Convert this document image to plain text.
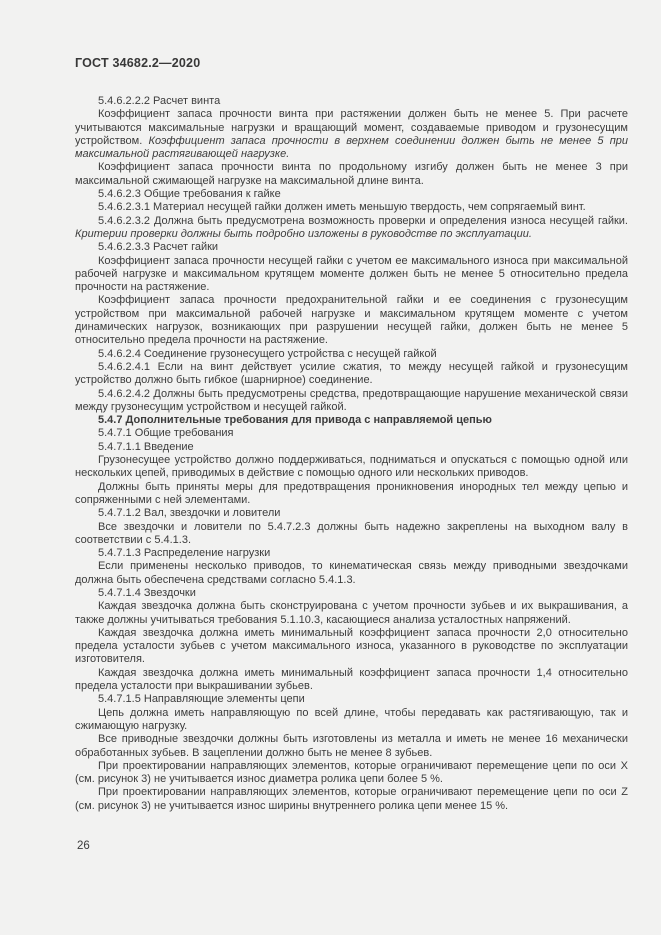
ГОСТ 34682.2—2020

5.4.6.2.2.2 Расчет винта

Коэффициент запаса прочности винта при растяжении должен быть не менее 5. При расчете учитываются максимальные нагрузки и вращающий момент, создаваемые приводом и грузонесущим устройством. Коэффициент запаса прочности в верхнем соединении должен быть не менее 5 при максимальной растягивающей нагрузке.

Коэффициент запаса прочности винта по продольному изгибу должен быть не менее 3 при максимальной сжимающей нагрузке на максимальной длине винта.

5.4.6.2.3 Общие требования к гайке

5.4.6.2.3.1 Материал несущей гайки должен иметь меньшую твердость, чем сопрягаемый винт.

5.4.6.2.3.2 Должна быть предусмотрена возможность проверки и определения износа несущей гайки. Критерии проверки должны быть подробно изложены в руководстве по эксплуатации.

5.4.6.2.3.3 Расчет гайки

Коэффициент запаса прочности несущей гайки с учетом ее максимального износа при максимальной рабочей нагрузке и максимальном крутящем моменте должен быть не менее 5 относительно предела прочности на растяжение.

Коэффициент запаса прочности предохранительной гайки и ее соединения с грузонесущим устройством при максимальной рабочей нагрузке и максимальном крутящем моменте с учетом динамических нагрузок, возникающих при разрушении несущей гайки, должен быть не менее 5 относительно предела прочности на растяжение.

5.4.6.2.4 Соединение грузонесущего устройства с несущей гайкой

5.4.6.2.4.1 Если на винт действует усилие сжатия, то между несущей гайкой и грузонесущим устройство должно быть гибкое (шарнирное) соединение.

5.4.6.2.4.2 Должны быть предусмотрены средства, предотвращающие нарушение механической связи между грузонесущим устройством и несущей гайкой.

5.4.7 Дополнительные требования для привода с направляемой цепью

5.4.7.1 Общие требования

5.4.7.1.1 Введение

Грузонесущее устройство должно поддерживаться, подниматься и опускаться с помощью одной или нескольких цепей, приводимых в действие с помощью одного или нескольких приводов.

Должны быть приняты меры для предотвращения проникновения инородных тел между цепью и сопряженными с ней элементами.

5.4.7.1.2 Вал, звездочки и ловители

Все звездочки и ловители по 5.4.7.2.3 должны быть надежно закреплены на выходном валу в соответствии с 5.4.1.3.

5.4.7.1.3 Распределение нагрузки

Если применены несколько приводов, то кинематическая связь между приводными звездочками должна быть обеспечена средствами согласно 5.4.1.3.

5.4.7.1.4 Звездочки

Каждая звездочка должна быть сконструирована с учетом прочности зубьев и их выкрашивания, а также должны учитываться требования 5.1.10.3, касающиеся анализа усталостных напряжений.

Каждая звездочка должна иметь минимальный коэффициент запаса прочности 2,0 относительно предела усталости зубьев с учетом максимального износа, указанного в руководстве по эксплуатации изготовителя.

Каждая звездочка должна иметь минимальный коэффициент запаса прочности 1,4 относительно предела усталости при выкрашивании зубьев.

5.4.7.1.5 Направляющие элементы цепи

Цепь должна иметь направляющую по всей длине, чтобы передавать как растягивающую, так и сжимающую нагрузку.

Все приводные звездочки должны быть изготовлены из металла и иметь не менее 16 механически обработанных зубьев. В зацеплении должно быть не менее 8 зубьев.

При проектировании направляющих элементов, которые ограничивают перемещение цепи по оси X (см. рисунок 3) не учитывается износ диаметра ролика цепи более 5 %.

При проектировании направляющих элементов, которые ограничивают перемещение цепи по оси Z (см. рисунок 3) не учитывается износ ширины внутреннего ролика цепи менее 15 %.

26
